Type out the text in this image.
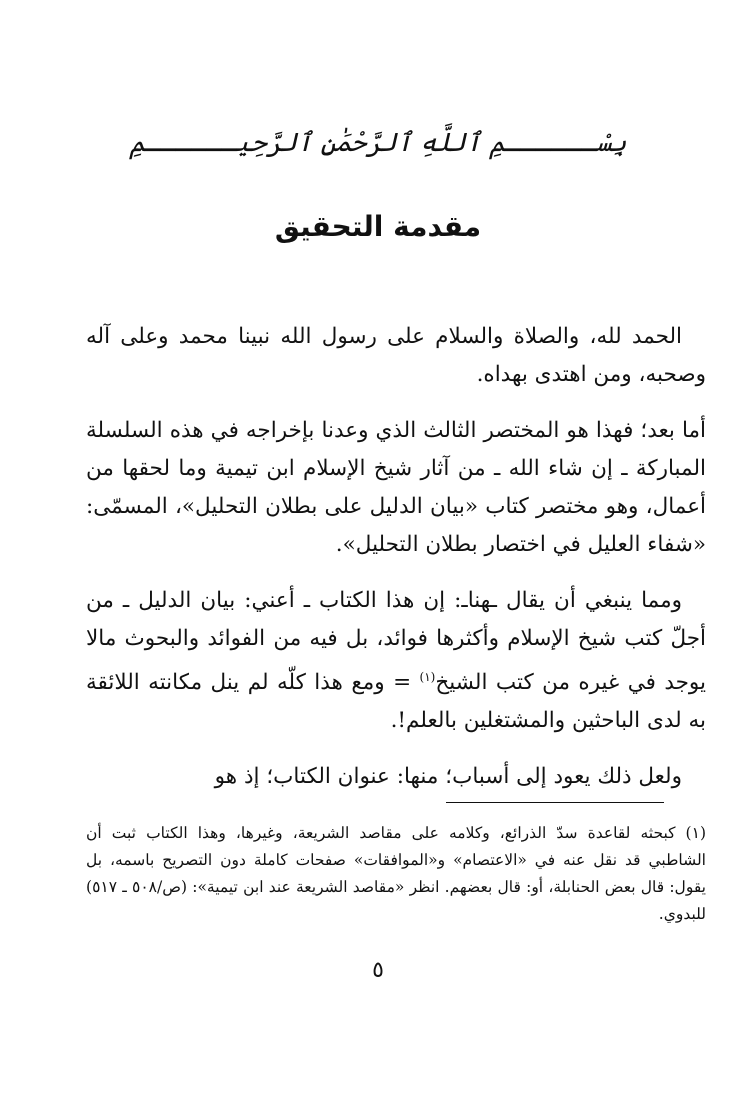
بِسْــــــمِ ٱللَّهِ ٱلرَّحْمَٰنِ ٱلرَّحِيــــــمِ
مقدمة التحقيق

الحمد لله، والصلاة والسلام على رسول الله نبينا محمد وعلى آله وصحبه، ومن اهتدى بهداه.

أما بعد؛ فهذا هو المختصر الثالث الذي وعدنا بإخراجه في هذه السلسلة المباركة ـ إن شاء الله ـ من آثار شيخ الإسلام ابن تيمية وما لحقها من أعمال، وهو مختصر كتاب «بيان الدليل على بطلان التحليل»، المسمّى: «شفاء العليل في اختصار بطلان التحليل».

ومما ينبغي أن يقال ـهناـ: إن هذا الكتاب ـ أعني: بيان الدليل ـ من أجلّ كتب شيخ الإسلام وأكثرها فوائد، بل فيه من الفوائد والبحوث مالا يوجد في غيره من كتب الشيخ$^{(١)}$ = ومع هذا كلّه لم ينل مكانته اللائقة به لدى الباحثين والمشتغلين بالعلم!.

ولعل ذلك يعود إلى أسباب؛ منها: عنوان الكتاب؛ إذ هو

(١)كبحثه لقاعدة سدّ الذرائع، وكلامه على مقاصد الشريعة، وغيرها، وهذا الكتاب ثبت أن الشاطبي قد نقل عنه في «الاعتصام» و«الموافقات» صفحات كاملة دون التصريح باسمه، بل يقول: قال بعض الحنابلة، أو: قال بعضهم. انظر «مقاصد الشريعة عند ابن تيمية»: (ص/٥٠٨ ـ ٥١٧) للبدوي.
٥
